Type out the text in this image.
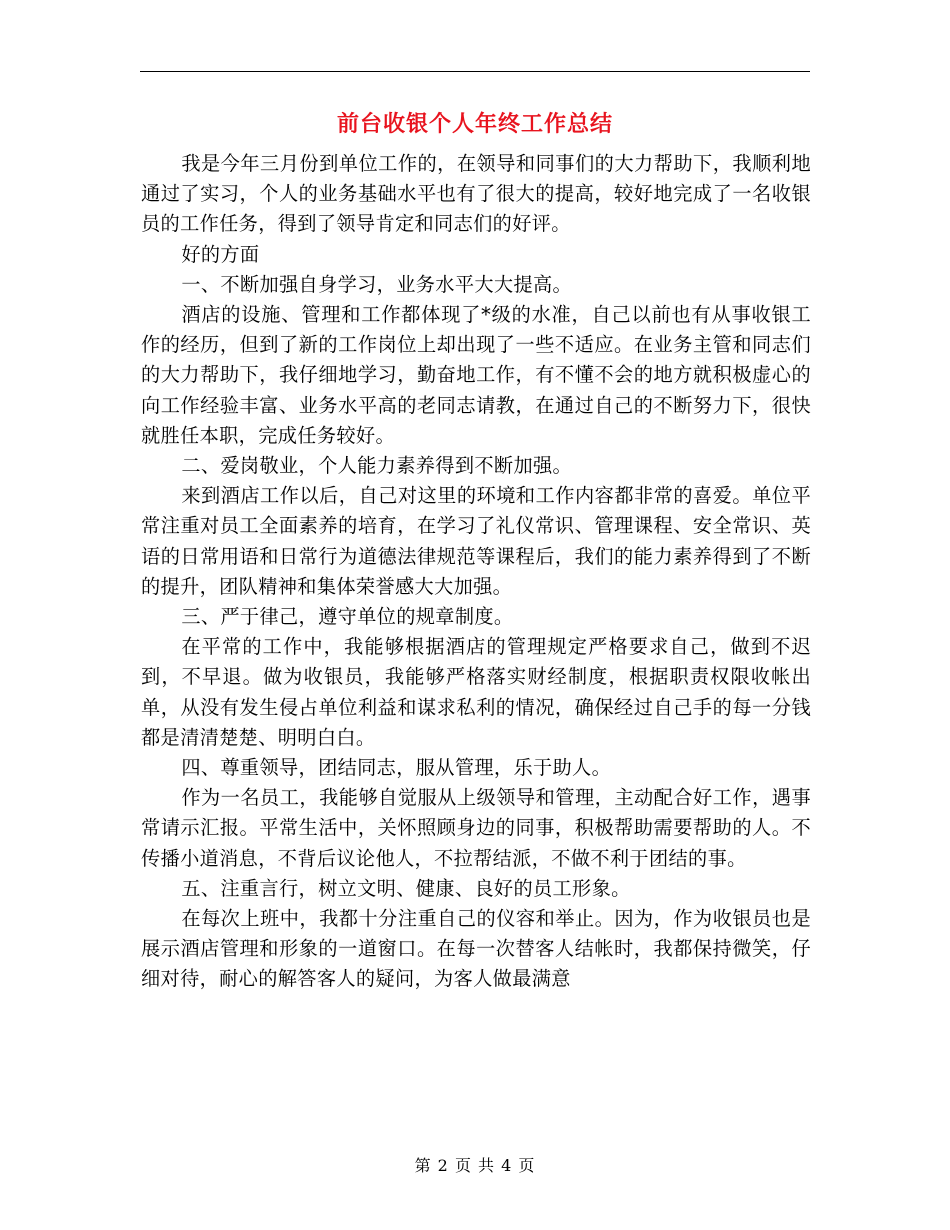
前台收银个人年终工作总结

我是今年三月份到单位工作的，在领导和同事们的大力帮助下，我顺利地通过了实习，个人的业务基础水平也有了很大的提高，较好地完成了一名收银员的工作任务，得到了领导肯定和同志们的好评。

好的方面

一、不断加强自身学习，业务水平大大提高。

酒店的设施、管理和工作都体现了*级的水准，自己以前也有从事收银工作的经历，但到了新的工作岗位上却出现了一些不适应。在业务主管和同志们的大力帮助下，我仔细地学习，勤奋地工作，有不懂不会的地方就积极虚心的向工作经验丰富、业务水平高的老同志请教，在通过自己的不断努力下，很快就胜任本职，完成任务较好。

二、爱岗敬业，个人能力素养得到不断加强。

来到酒店工作以后，自己对这里的环境和工作内容都非常的喜爱。单位平常注重对员工全面素养的培育，在学习了礼仪常识、管理课程、安全常识、英语的日常用语和日常行为道德法律规范等课程后，我们的能力素养得到了不断的提升，团队精神和集体荣誉感大大加强。

三、严于律己，遵守单位的规章制度。

在平常的工作中，我能够根据酒店的管理规定严格要求自己，做到不迟到，不早退。做为收银员，我能够严格落实财经制度，根据职责权限收帐出单，从没有发生侵占单位利益和谋求私利的情况，确保经过自己手的每一分钱都是清清楚楚、明明白白。

四、尊重领导，团结同志，服从管理，乐于助人。

作为一名员工，我能够自觉服从上级领导和管理，主动配合好工作，遇事常请示汇报。平常生活中，关怀照顾身边的同事，积极帮助需要帮助的人。不传播小道消息，不背后议论他人，不拉帮结派，不做不利于团结的事。

五、注重言行，树立文明、健康、良好的员工形象。

在每次上班中，我都十分注重自己的仪容和举止。因为，作为收银员也是展示酒店管理和形象的一道窗口。在每一次替客人结帐时，我都保持微笑，仔细对待，耐心的解答客人的疑问，为客人做最满意

第 2 页 共 4 页
